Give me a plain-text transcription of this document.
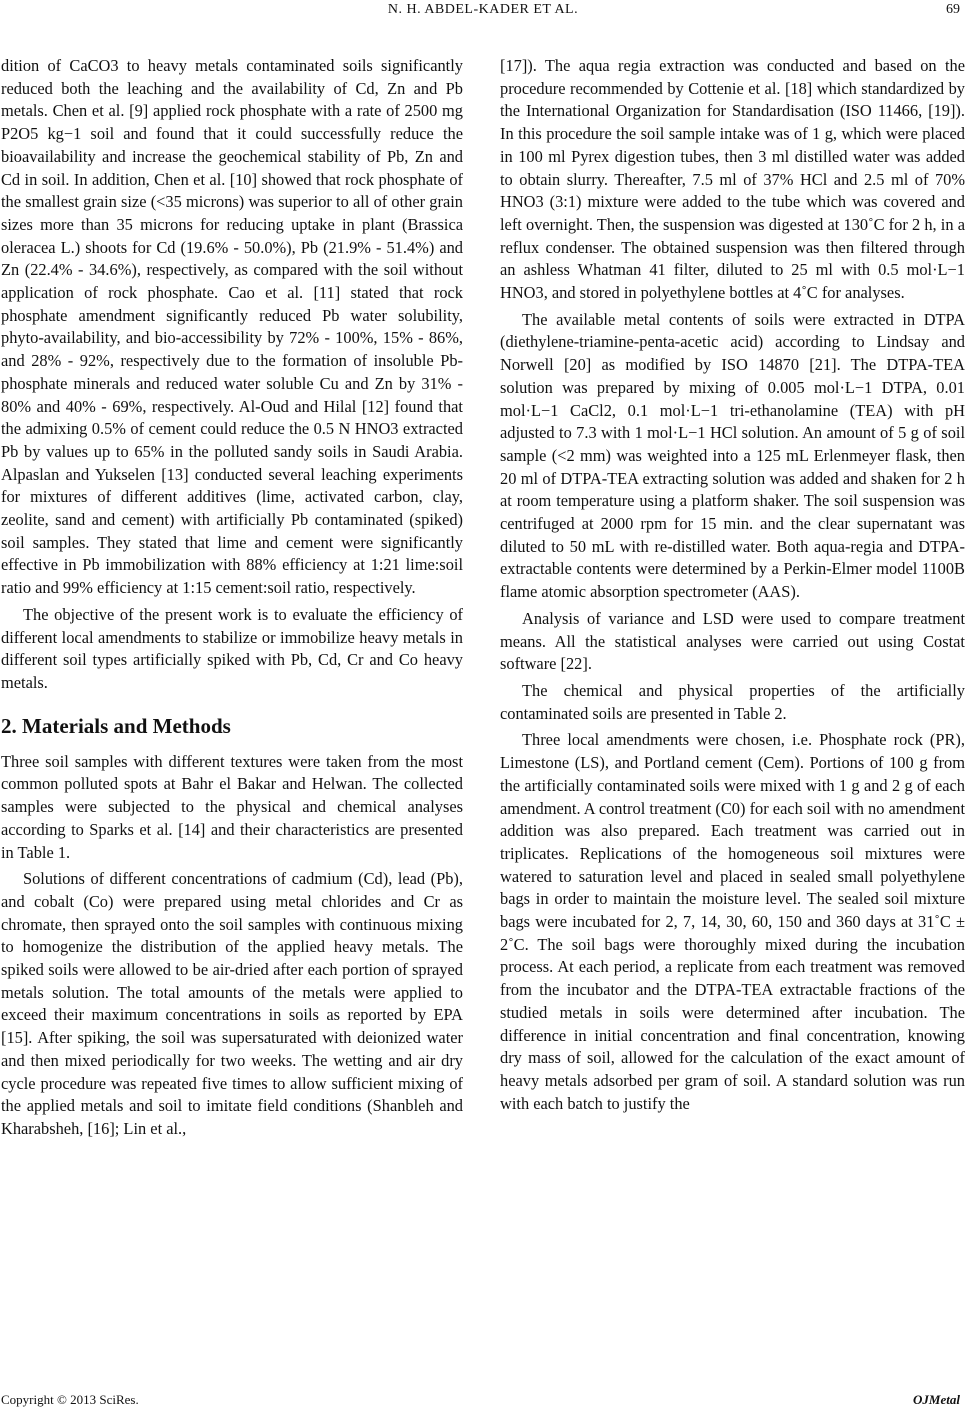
N. H. ABDEL-KADER ET AL.	69

dition of CaCO3 to heavy metals contaminated soils significantly reduced both the leaching and the availability of Cd, Zn and Pb metals. Chen et al. [9] applied rock phosphate with a rate of 2500 mg P2O5 kg−1 soil and found that it could successfully reduce the bioavailability and increase the geochemical stability of Pb, Zn and Cd in soil. In addition, Chen et al. [10] showed that rock phosphate of the smallest grain size (<35 microns) was superior to all of other grain sizes more than 35 microns for reducing uptake in plant (Brassica oleracea L.) shoots for Cd (19.6% - 50.0%), Pb (21.9% - 51.4%) and Zn (22.4% - 34.6%), respectively, as compared with the soil without application of rock phosphate. Cao et al. [11] stated that rock phosphate amendment significantly reduced Pb water solubility, phyto-availability, and bio-accessibility by 72% - 100%, 15% - 86%, and 28% - 92%, respectively due to the formation of insoluble Pb-phosphate minerals and reduced water soluble Cu and Zn by 31% - 80% and 40% - 69%, respectively. Al-Oud and Hilal [12] found that the admixing 0.5% of cement could reduce the 0.5 N HNO3 extracted Pb by values up to 65% in the polluted sandy soils in Saudi Arabia. Alpaslan and Yukselen [13] conducted several leaching experiments for mixtures of different additives (lime, activated carbon, clay, zeolite, sand and cement) with artificially Pb contaminated (spiked) soil samples. They stated that lime and cement were significantly effective in Pb immobilization with 88% efficiency at 1:21 lime:soil ratio and 99% efficiency at 1:15 cement:soil ratio, respectively.

The objective of the present work is to evaluate the efficiency of different local amendments to stabilize or immobilize heavy metals in different soil types artificially spiked with Pb, Cd, Cr and Co heavy metals.

2. Materials and Methods

Three soil samples with different textures were taken from the most common polluted spots at Bahr el Bakar and Helwan. The collected samples were subjected to the physical and chemical analyses according to Sparks et al. [14] and their characteristics are presented in Table 1.

Solutions of different concentrations of cadmium (Cd), lead (Pb), and cobalt (Co) were prepared using metal chlorides and Cr as chromate, then sprayed onto the soil samples with continuous mixing to homogenize the distribution of the applied heavy metals. The spiked soils were allowed to be air-dried after each portion of sprayed metals solution. The total amounts of the metals were applied to exceed their maximum concentrations in soils as reported by EPA [15]. After spiking, the soil was supersaturated with deionized water and then mixed periodically for two weeks. The wetting and air dry cycle procedure was repeated five times to allow sufficient mixing of the applied metals and soil to imitate field conditions (Shanbleh and Kharabsheh, [16]; Lin et al.,

[17]). The aqua regia extraction was conducted and based on the procedure recommended by Cottenie et al. [18] which standardized by the International Organization for Standardisation (ISO 11466, [19]). In this procedure the soil sample intake was of 1 g, which were placed in 100 ml Pyrex digestion tubes, then 3 ml distilled water was added to obtain slurry. Thereafter, 7.5 ml of 37% HCl and 2.5 ml of 70% HNO3 (3:1) mixture were added to the tube which was covered and left overnight. Then, the suspension was digested at 130˚C for 2 h, in a reflux condenser. The obtained suspension was then filtered through an ashless Whatman 41 filter, diluted to 25 ml with 0.5 mol·L−1 HNO3, and stored in polyethylene bottles at 4˚C for analyses.

The available metal contents of soils were extracted in DTPA (diethylene-triamine-penta-acetic acid) according to Lindsay and Norwell [20] as modified by ISO 14870 [21]. The DTPA-TEA solution was prepared by mixing of 0.005 mol·L−1 DTPA, 0.01 mol·L−1 CaCl2, 0.1 mol·L−1 tri-ethanolamine (TEA) with pH adjusted to 7.3 with 1 mol·L−1 HCl solution. An amount of 5 g of soil sample (<2 mm) was weighted into a 125 mL Erlenmeyer flask, then 20 ml of DTPA-TEA extracting solution was added and shaken for 2 h at room temperature using a platform shaker. The soil suspension was centrifuged at 2000 rpm for 15 min. and the clear supernatant was diluted to 50 mL with re-distilled water. Both aqua-regia and DTPA-extractable contents were determined by a Perkin-Elmer model 1100B flame atomic absorption spectrometer (AAS).

Analysis of variance and LSD were used to compare treatment means. All the statistical analyses were carried out using Costat software [22].

The chemical and physical properties of the artificially contaminated soils are presented in Table 2.

Three local amendments were chosen, i.e. Phosphate rock (PR), Limestone (LS), and Portland cement (Cem). Portions of 100 g from the artificially contaminated soils were mixed with 1 g and 2 g of each amendment. A control treatment (C0) for each soil with no amendment addition was also prepared. Each treatment was carried out in triplicates. Replications of the homogeneous soil mixtures were watered to saturation level and placed in sealed small polyethylene bags in order to maintain the moisture level. The sealed soil mixture bags were incubated for 2, 7, 14, 30, 60, 150 and 360 days at 31˚C ± 2˚C. The soil bags were thoroughly mixed during the incubation process. At each period, a replicate from each treatment was removed from the incubator and the DTPA-TEA extractable fractions of the studied metals in soils were determined after incubation. The difference in initial concentration and final concentration, knowing dry mass of soil, allowed for the calculation of the exact amount of heavy metals adsorbed per gram of soil. A standard solution was run with each batch to justify the

Copyright © 2013 SciRes.	OJMetal
